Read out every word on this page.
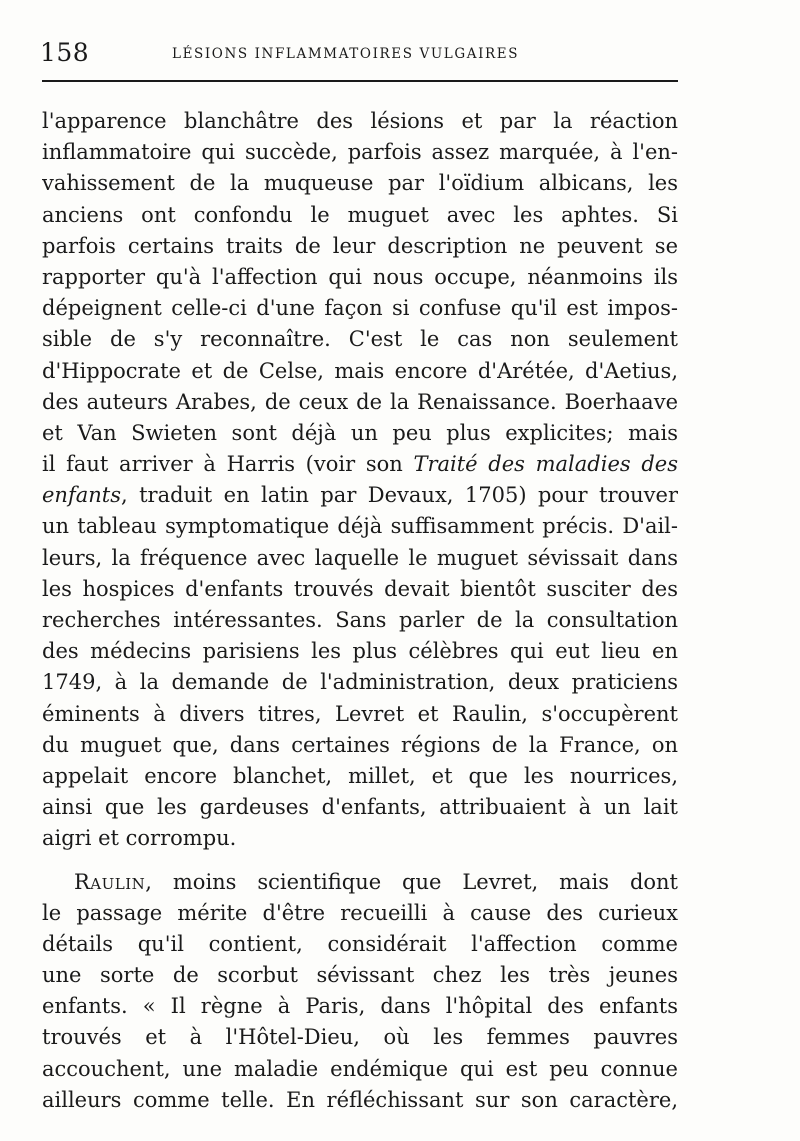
158	LÉSIONS INFLAMMATOIRES VULGAIRES
l'apparence blanchâtre des lésions et par la réaction
inflammatoire qui succède, parfois assez marquée, à l'en-
vahissement de la muqueuse par l'oïdium albicans, les
anciens ont confondu le muguet avec les aphtes. Si
parfois certains traits de leur description ne peuvent se
rapporter qu'à l'affection qui nous occupe, néanmoins ils
dépeignent celle-ci d'une façon si confuse qu'il est impos-
sible de s'y reconnaître. C'est le cas non seulement
d'Hippocrate et de Celse, mais encore d'Arétée, d'Aetius,
des auteurs Arabes, de ceux de la Renaissance. Boerhaave
et Van Swieten sont déjà un peu plus explicites; mais
il faut arriver à Harris (voir son Traité des maladies des
enfants, traduit en latin par Devaux, 1705) pour trouver
un tableau symptomatique déjà suffisamment précis. D'ail-
leurs, la fréquence avec laquelle le muguet sévissait dans
les hospices d'enfants trouvés devait bientôt susciter des
recherches intéressantes. Sans parler de la consultation
des médecins parisiens les plus célèbres qui eut lieu en
1749, à la demande de l'administration, deux praticiens
éminents à divers titres, Levret et Raulin, s'occupèrent
du muguet que, dans certaines régions de la France, on
appelait encore blanchet, millet, et que les nourrices,
ainsi que les gardeuses d'enfants, attribuaient à un lait
aigri et corrompu.
Raulin, moins scientifique que Levret, mais dont
le passage mérite d'être recueilli à cause des curieux
détails qu'il contient, considérait l'affection comme
une sorte de scorbut sévissant chez les très jeunes
enfants. « Il règne à Paris, dans l'hôpital des enfants
trouvés et à l'Hôtel-Dieu, où les femmes pauvres
accouchent, une maladie endémique qui est peu connue
ailleurs comme telle. En réfléchissant sur son caractère,
